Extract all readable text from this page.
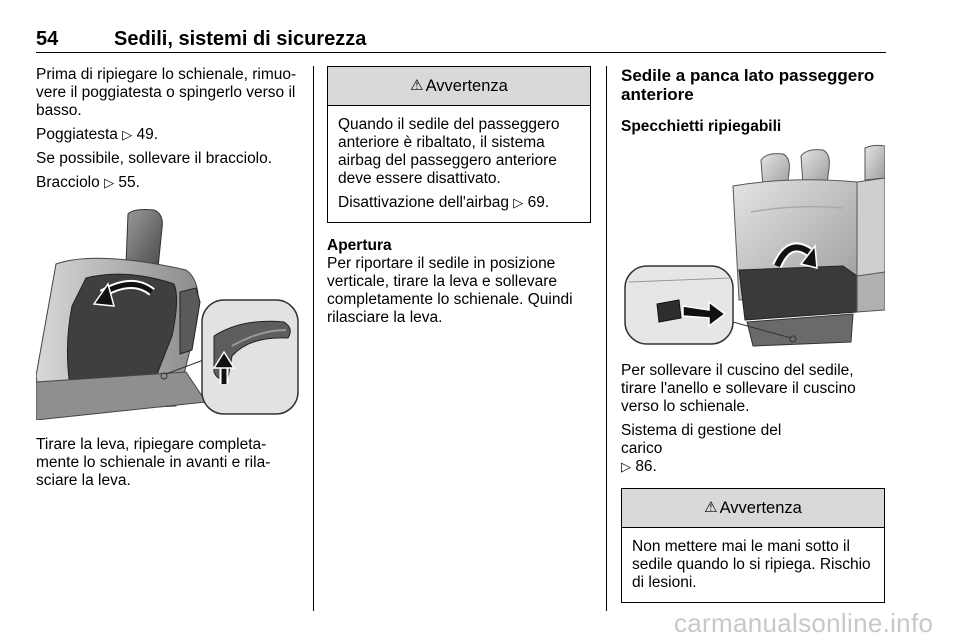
54	Sedili, sistemi di sicurezza

Prima di ripiegare lo schienale, rimuo-vere il poggiatesta o spingerlo verso il basso.

Poggiatesta ▷ 49.

Se possibile, sollevare il bracciolo.

Bracciolo ▷ 55.

Tirare la leva, ripiegare completa-mente lo schienale in avanti e rila-sciare la leva.

⚠ Avvertenza

Quando il sedile del passeggero anteriore è ribaltato, il sistema airbag del passeggero anteriore deve essere disattivato.

Disattivazione dell'airbag ▷ 69.

Apertura

Per riportare il sedile in posizione verticale, tirare la leva e sollevare completamente lo schienale. Quindi rilasciare la leva.

Sedile a panca lato passeggero anteriore
Specchietti ripiegabili

Per sollevare il cuscino del sedile, tirare l'anello e sollevare il cuscino verso lo schienale.

Sistema di gestione del carico
▷ 86.

⚠ Avvertenza

Non mettere mai le mani sotto il sedile quando lo si ripiega. Rischio di lesioni.

carmanualsonline.info
